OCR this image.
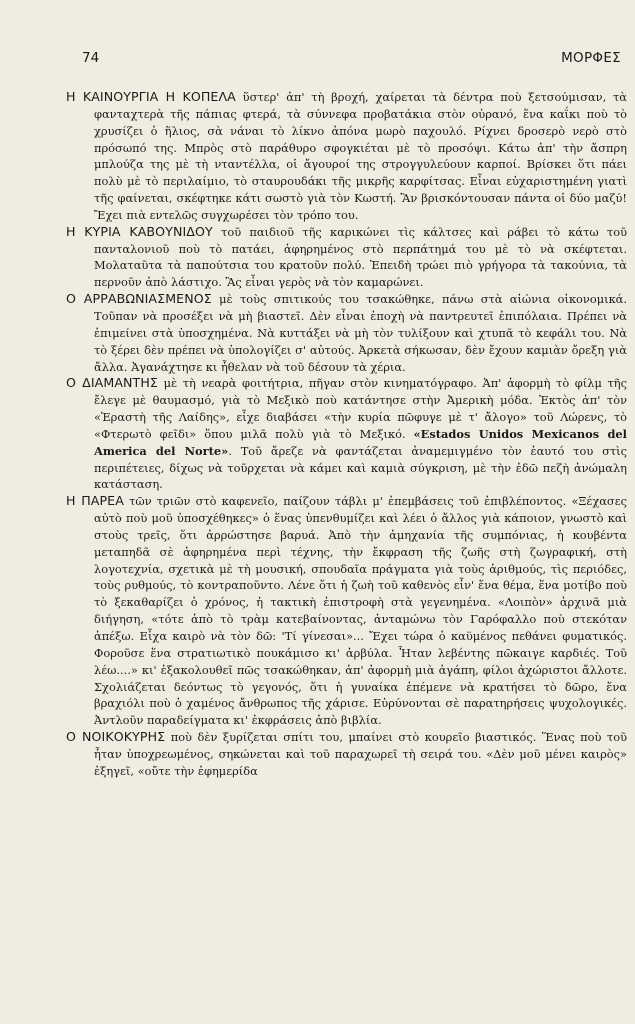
74	ΜΟΡΦΕΣ

Η ΚΑΙΝΟΥΡΓΙΑ Η ΚΟΠΕΛΑ ὕστερ' ἀπ' τὴ βροχή, χαίρεται τὰ δέντρα ποὺ ξετσούμισαν, τὰ φανταχτερὰ τῆς πάπιας φτερά, τὰ σύννεφα προβατάκια στὸν οὐρανό, ἕνα καΐκι ποὺ τὸ χρυσίζει ὁ ἥλιος, σὰ νάναι τὸ λίκνο ἀπόνα μωρὸ παχουλό. Ρίχνει δροσερὸ νερὸ στὸ πρόσωπό της. Μπρὸς στὸ παράθυρο σφογκιέται μὲ τὸ προσόψι. Κάτω ἀπ' τὴν ἄσπρη μπλούζα της μὲ τὴ νταντέλλα, οἱ ἄγουροί της στρογγυλεύουν καρποί. Βρίσκει ὅτι πάει πολὺ μὲ τὸ περιλαίμιο, τὸ σταυρουδάκι τῆς μικρῆς καρφίτσας. Εἶναι εὐχαριστημένη γιατὶ τῆς φαίνεται, σκέφτηκε κάτι σωστὸ γιὰ τὸν Κωστή. Ἂν βρισκόντουσαν πάντα οἱ δύο μαζύ! Ἔχει πιὰ εντελῶς συγχωρέσει τὸν τρόπο του.

Η ΚΥΡΙΑ ΚΑΒΟΥΝΙΔΟΥ τοῦ παιδιοῦ τῆς καρικώνει τὶς κάλτσες καὶ ράβει τὸ κάτω τοῦ πανταλονιοῦ ποὺ τὸ πατάει, ἀφηρημένος στὸ περπάτημά του μὲ τὸ νὰ σκέφτεται. Μολαταῦτα τὰ παπούτσια του κρατοῦν πολύ. Ἐπειδὴ τρώει πιὸ γρήγορα τὰ τακούνια, τὰ περνοῦν ἀπὸ λάστιχο. Ἂς εἶναι γερὸς νὰ τὸν καμαρώνει.

Ο ΑΡΡΑΒΩΝΙΑΣΜΕΝΟΣ μὲ τοὺς σπιτικούς του τσακώθηκε, πάνω στὰ αἰώνια οἰκονομικά. Τοῦπαν νὰ προσέξει νὰ μὴ βιαστεῖ. Δὲν εἶναι ἐποχὴ νὰ παντρευτεῖ ἐπιπόλαια. Πρέπει νὰ ἐπιμείνει στὰ ὑποσχημένα. Νὰ κυττάξει νὰ μὴ τὸν τυλίξουν καὶ χτυπᾶ τὸ κεφάλι του. Νὰ τὸ ξέρει δὲν πρέπει νὰ ὑπολογίζει σ' αὐτούς. Ἀρκετὰ σήκωσαν, δὲν ἔχουν καμιὰν ὄρεξη γιὰ ἄλλα. Ἀγανάχτησε κι ἦθελαν νὰ τοῦ δέσουν τὰ χέρια.

Ο ΔΙΑΜΑΝΤΗΣ μὲ τὴ νεαρὰ φοιτήτρια, πῆγαν στὸν κινηματόγραφο. Ἀπ' ἀφορμὴ τὸ φίλμ τῆς ἔλεγε μὲ θαυμασμό, γιὰ τὸ Μεξικὸ ποὺ κατάντησε στὴν Ἀμερικὴ μόδα. Ἐκτὸς ἀπ' τὸν «Ἐραστὴ τῆς Λαίδης», εἶχε διαβάσει «τὴν κυρία πῶφυγε μὲ τ' ἄλογο» τοῦ Λώρενς, τὸ «Φτερωτὸ φεῖδι» ὅπου μιλᾶ πολὺ γιὰ τὸ Μεξικό. «Estados Unidos Mexicanos del America del Norte». Τοῦ ἄρεζε νὰ φαντάζεται ἀναμεμιγμένο τὸν ἑαυτό του στὶς περιπέτειες, δίχως νὰ τοῦρχεται νὰ κάμει καὶ καμιὰ σύγκριση, μὲ τὴν ἐδῶ πεζὴ ἀνώμαλη κατάσταση.

Η ΠΑΡΕΑ τῶν τριῶν στὸ καφενεῖο, παίζουν τάβλι μ' ἐπεμβάσεις τοῦ ἐπιβλέποντος. «Ξέχασες αὐτὸ ποὺ μοῦ ὑποσχέθηκες» ὁ ἕνας ὑπενθυμίζει καὶ λέει ὁ ἄλλος γιὰ κάποιον, γνωστὸ καὶ στοὺς τρεῖς, ὅτι ἀρρώστησε βαρυά. Ἀπὸ τὴν ἀμηχανία τῆς συμπόνιας, ἡ κουβέντα μεταπηδᾶ σὲ ἀφηρημένα περὶ τέχνης, τὴν ἔκφραση τῆς ζωῆς στὴ ζωγραφική, στὴ λογοτεχνία, σχετικὰ μὲ τὴ μουσική, σπουδαῖα πράγματα γιὰ τοὺς ἀριθμούς, τὶς περιόδες, τοὺς ρυθμούς, τὸ κοντραποῦντο. Λένε ὅτι ἡ ζωὴ τοῦ καθενὸς εἶν' ἕνα θέμα, ἕνα μοτίβο ποὺ τὸ ξεκαθαρίζει ὁ χρόνος, ἡ τακτικὴ ἐπιστροφὴ στὰ γεγενημένα. «Λοιπὸν» ἀρχινᾶ μιὰ διήγηση, «τότε ἀπὸ τὸ τρὰμ κατεβαίνοντας, ἀνταμώνω τὸν Γαρόφαλλο ποὺ στεκόταν ἀπέξω. Εἶχα καιρὸ νὰ τὸν δῶ: 'Τί γίνεσαι»... Ἔχει τώρα ὁ καϋμένος πεθάνει φυματικός. Φοροῦσε ἕνα στρατιωτικὸ πουκάμισο κι' ἀρβύλα. Ἦταν λεβέντης πῶκαιγε καρδιές. Τοῦ λέω....» κι' ἐξακολουθεῖ πῶς τσακώθηκαν, ἀπ' ἀφορμὴ μιὰ ἀγάπη, φίλοι ἀχώριστοι ἄλλοτε. Σχολιάζεται δεόντως τὸ γεγονός, ὅτι ἡ γυναίκα ἐπέμενε νὰ κρατήσει τὸ δῶρο, ἕνα βραχιόλι ποὺ ὁ χαμένος ἄνθρωπος τῆς χάρισε. Εὐρύνονται σὲ παρατηρήσεις ψυχολογικές. Ἀντλοῦν παραδείγματα κι' ἐκφράσεις ἀπὸ βιβλία.

Ο ΝΟΙΚΟΚΥΡΗΣ ποὺ δὲν ξυρίζεται σπίτι του, μπαίνει στὸ κουρεῖο βιαστικός. Ἕνας ποὺ τοῦ ἦταν ὑποχρεωμένος, σηκώνεται καὶ τοῦ παραχωρεῖ τὴ σειρά του. «Δὲν μοῦ μένει καιρὸς» ἐξηγεῖ, «οὔτε τὴν ἐφημερίδα
